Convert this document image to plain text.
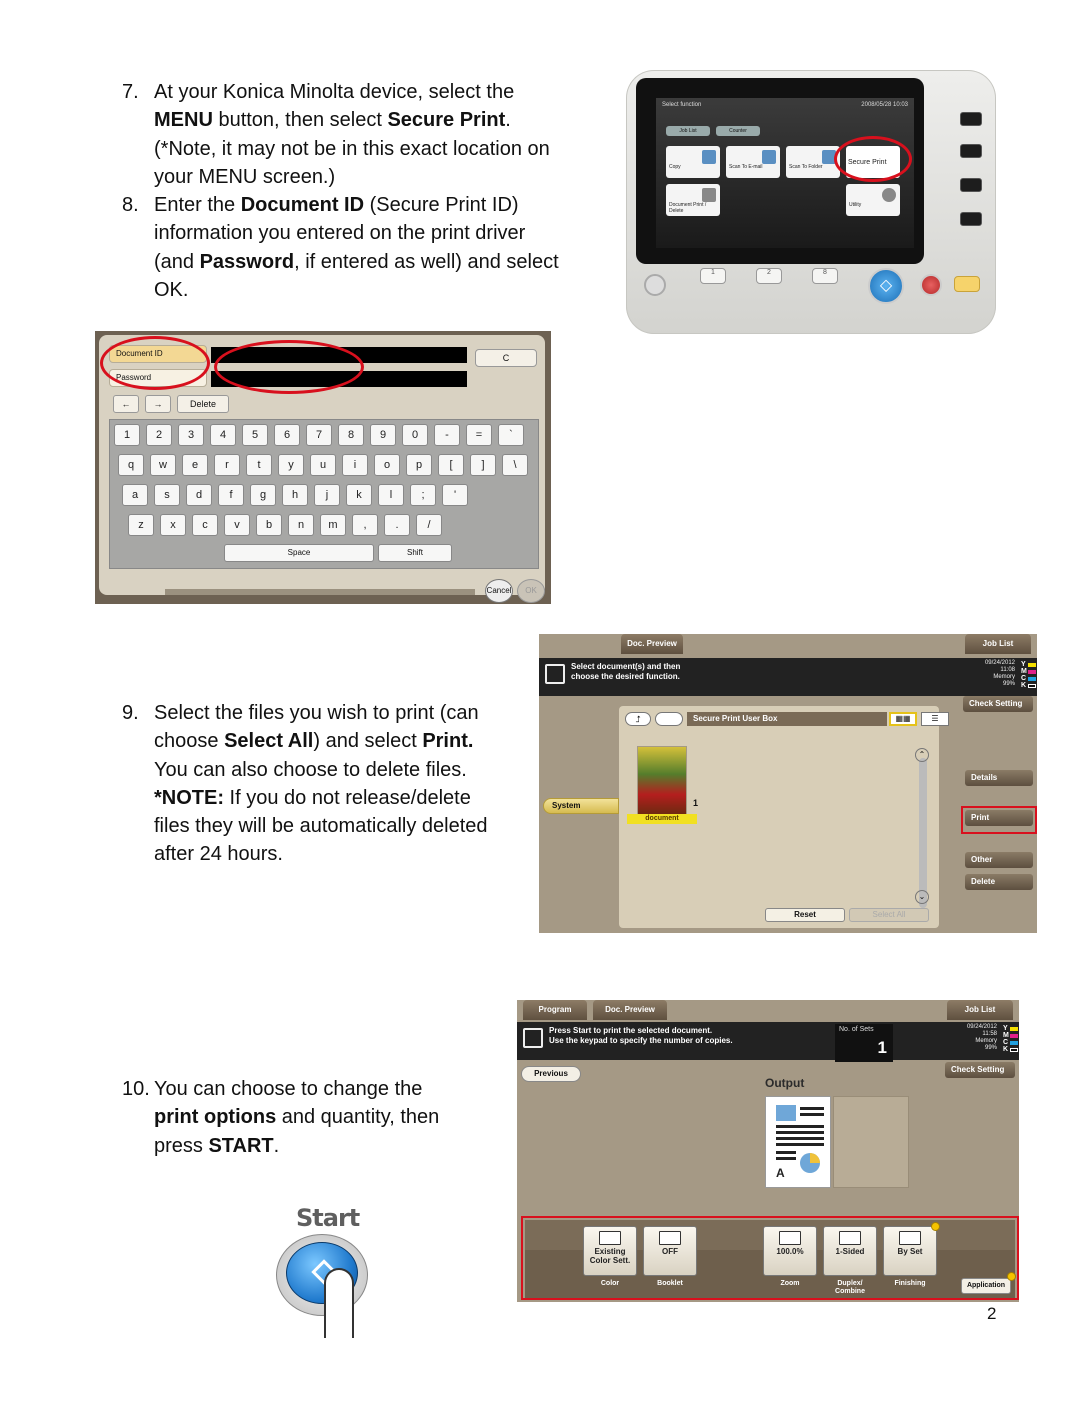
7. At your Konica Minolta device, select the
MENU button, then select Secure Print.
(*Note, it may not be in this exact location on
your MENU screen.)
8. Enter the Document ID (Secure Print ID)
information you entered on the print driver
(and Password, if entered as well) and select
OK.
9. Select the files you wish to print (can
choose Select All) and select Print.
You can also choose to delete files.
*NOTE: If you do not release/delete
files they will be automatically deleted
after 24 hours.
10. You can choose to change the
print options and quantity, then
press START.
Select function	2008/05/28 10:03
Job List	Counter
Copy	Scan To E-mail	Scan To Folder
Secure Print
Document Print / Delete
Utility
1	2	8
◇
Document ID
Password
C
←	→	Delete
1	2	3	4	5	6	7	8	9	0	-	=	`
q	w	e	r	t	y	u	i	o	p	[	]	\
a	s	d	f	g	h	j	k	l	;	'
z	x	c	v	b	n	m	,	.	/
Space	Shift
Cancel	OK
Doc. Preview	Job List
Select document(s) and then
choose the desired function.
09/24/2012
11:08
Memory
99%
Y
M
C
K
Check Setting
System
⮥	Secure Print User Box	▦▦	☰
document
1
⌃
⌄
Reset	Select All
Details
Print
Other
Delete
Program	Doc. Preview	Job List
Press Start to print the selected document.
Use the keypad to specify the number of copies.
09/24/2012
11:58
Memory
99%
Y
M
C
K
No. of Sets
1
Check Setting
Previous
Output
A
Application
Existing Color Sett.
Color
OFF
Booklet
100.0%
Zoom
1-Sided
Duplex/ Combine
By Set
Finishing
Start
2
